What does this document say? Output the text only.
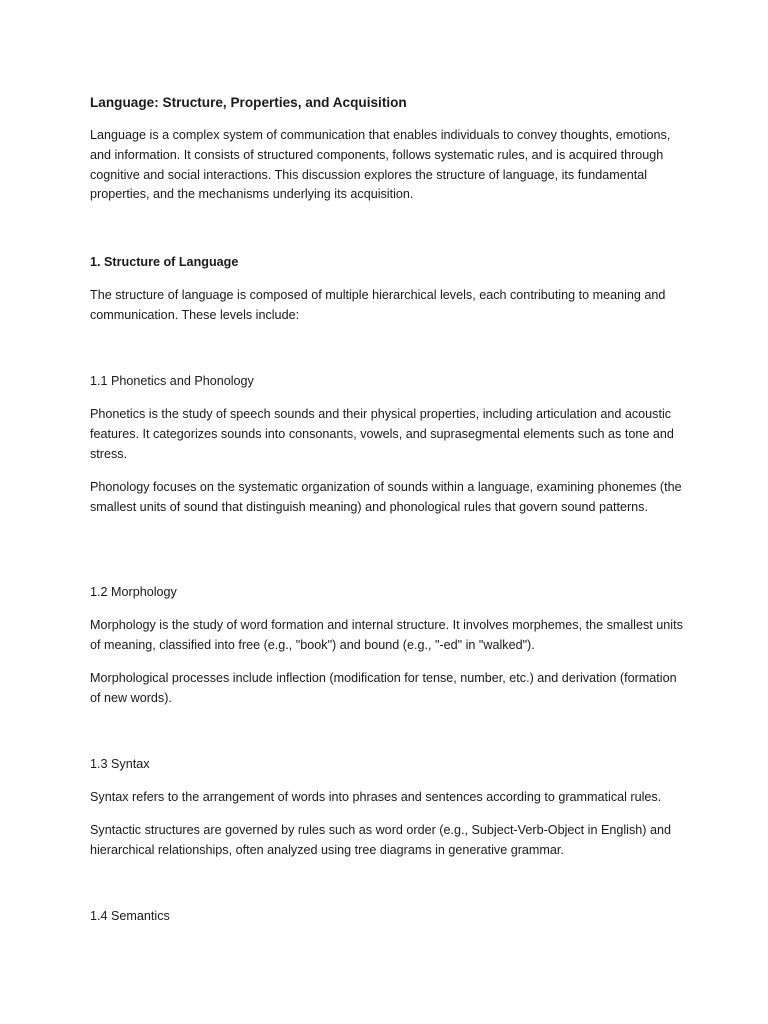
Language: Structure, Properties, and Acquisition

Language is a complex system of communication that enables individuals to convey thoughts, emotions, and information. It consists of structured components, follows systematic rules, and is acquired through cognitive and social interactions. This discussion explores the structure of language, its fundamental properties, and the mechanisms underlying its acquisition.

1. Structure of Language

The structure of language is composed of multiple hierarchical levels, each contributing to meaning and communication. These levels include:

1.1 Phonetics and Phonology

Phonetics is the study of speech sounds and their physical properties, including articulation and acoustic features. It categorizes sounds into consonants, vowels, and suprasegmental elements such as tone and stress.

Phonology focuses on the systematic organization of sounds within a language, examining phonemes (the smallest units of sound that distinguish meaning) and phonological rules that govern sound patterns.

1.2 Morphology

Morphology is the study of word formation and internal structure. It involves morphemes, the smallest units of meaning, classified into free (e.g., "book") and bound (e.g., "-ed" in "walked").

Morphological processes include inflection (modification for tense, number, etc.) and derivation (formation of new words).

1.3 Syntax

Syntax refers to the arrangement of words into phrases and sentences according to grammatical rules.

Syntactic structures are governed by rules such as word order (e.g., Subject-Verb-Object in English) and hierarchical relationships, often analyzed using tree diagrams in generative grammar.

1.4 Semantics
